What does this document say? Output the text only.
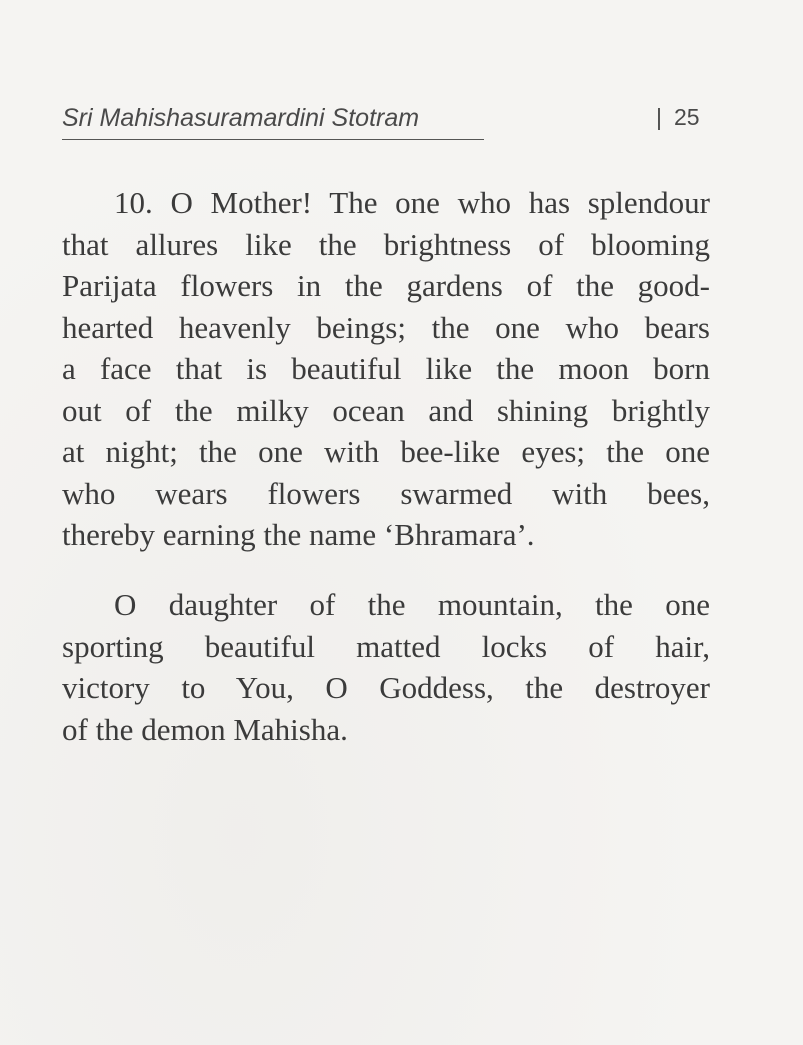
Sri Mahishasuramardini Stotram	| 25
10. O Mother! The one who has splendour
that allures like the brightness of blooming
Parijata flowers in the gardens of the good-
hearted heavenly beings; the one who bears
a face that is beautiful like the moon born
out of the milky ocean and shining brightly
at night; the one with bee-like eyes; the one
who wears flowers swarmed with bees,
thereby earning the name ‘Bhramara’.
O daughter of the mountain, the one
sporting beautiful matted locks of hair,
victory to You, O Goddess, the destroyer
of the demon Mahisha.
